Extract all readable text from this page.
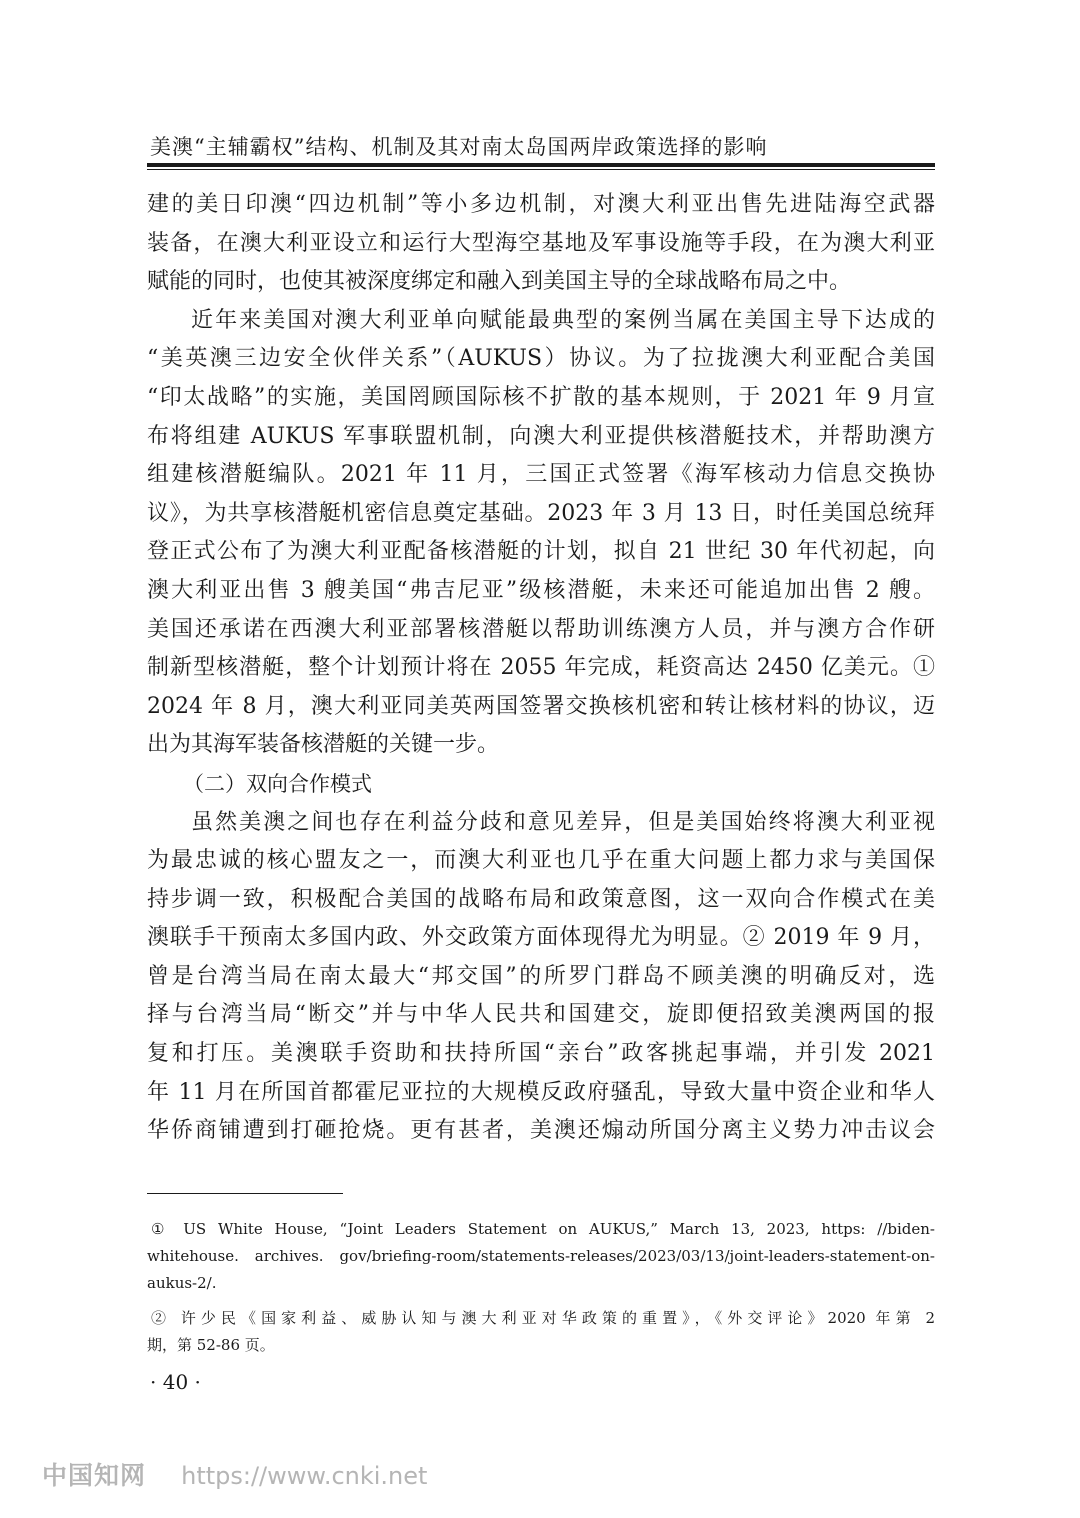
美澳“主辅霸权”结构、机制及其对南太岛国两岸政策选择的影响
建的美日印澳“四边机制”等小多边机制，对澳大利亚出售先进陆海空武器
装备，在澳大利亚设立和运行大型海空基地及军事设施等手段，在为澳大利亚
赋能的同时，也使其被深度绑定和融入到美国主导的全球战略布局之中。
近年来美国对澳大利亚单向赋能最典型的案例当属在美国主导下达成的
“美英澳三边安全伙伴关系”（AUKUS）协议。为了拉拢澳大利亚配合美国
“印太战略”的实施，美国罔顾国际核不扩散的基本规则，于 2021 年 9 月宣
布将组建 AUKUS 军事联盟机制，向澳大利亚提供核潜艇技术，并帮助澳方
组建核潜艇编队。2021 年 11 月，三国正式签署《海军核动力信息交换协
议》，为共享核潜艇机密信息奠定基础。2023 年 3 月 13 日，时任美国总统拜
登正式公布了为澳大利亚配备核潜艇的计划，拟自 21 世纪 30 年代初起，向
澳大利亚出售 3 艘美国“弗吉尼亚”级核潜艇，未来还可能追加出售 2 艘。
美国还承诺在西澳大利亚部署核潜艇以帮助训练澳方人员，并与澳方合作研
制新型核潜艇，整个计划预计将在 2055 年完成，耗资高达 2450 亿美元。①
2024 年 8 月，澳大利亚同美英两国签署交换核机密和转让核材料的协议，迈
出为其海军装备核潜艇的关键一步。
（二）双向合作模式
虽然美澳之间也存在利益分歧和意见差异，但是美国始终将澳大利亚视
为最忠诚的核心盟友之一，而澳大利亚也几乎在重大问题上都力求与美国保
持步调一致，积极配合美国的战略布局和政策意图，这一双向合作模式在美
澳联手干预南太多国内政、外交政策方面体现得尤为明显。② 2019 年 9 月，
曾是台湾当局在南太最大“邦交国”的所罗门群岛不顾美澳的明确反对，选
择与台湾当局“断交”并与中华人民共和国建交，旋即便招致美澳两国的报
复和打压。美澳联手资助和扶持所国“亲台”政客挑起事端，并引发 2021
年 11 月在所国首都霍尼亚拉的大规模反政府骚乱，导致大量中资企业和华人
华侨商铺遭到打砸抢烧。更有甚者，美澳还煽动所国分离主义势力冲击议会
① US White House, “Joint Leaders Statement on AUKUS,” March 13, 2023, https: //biden-
whitehouse. archives. gov/briefing-room/statements-releases/2023/03/13/joint-leaders-statement-on-
aukus-2/.
② 许少民《国家利益、威胁认知与澳大利亚对华政策的重置》，《外交评论》2020 年第 2
期，第 52-86 页。
· 40 ·
中国知网 https://www.cnki.net
